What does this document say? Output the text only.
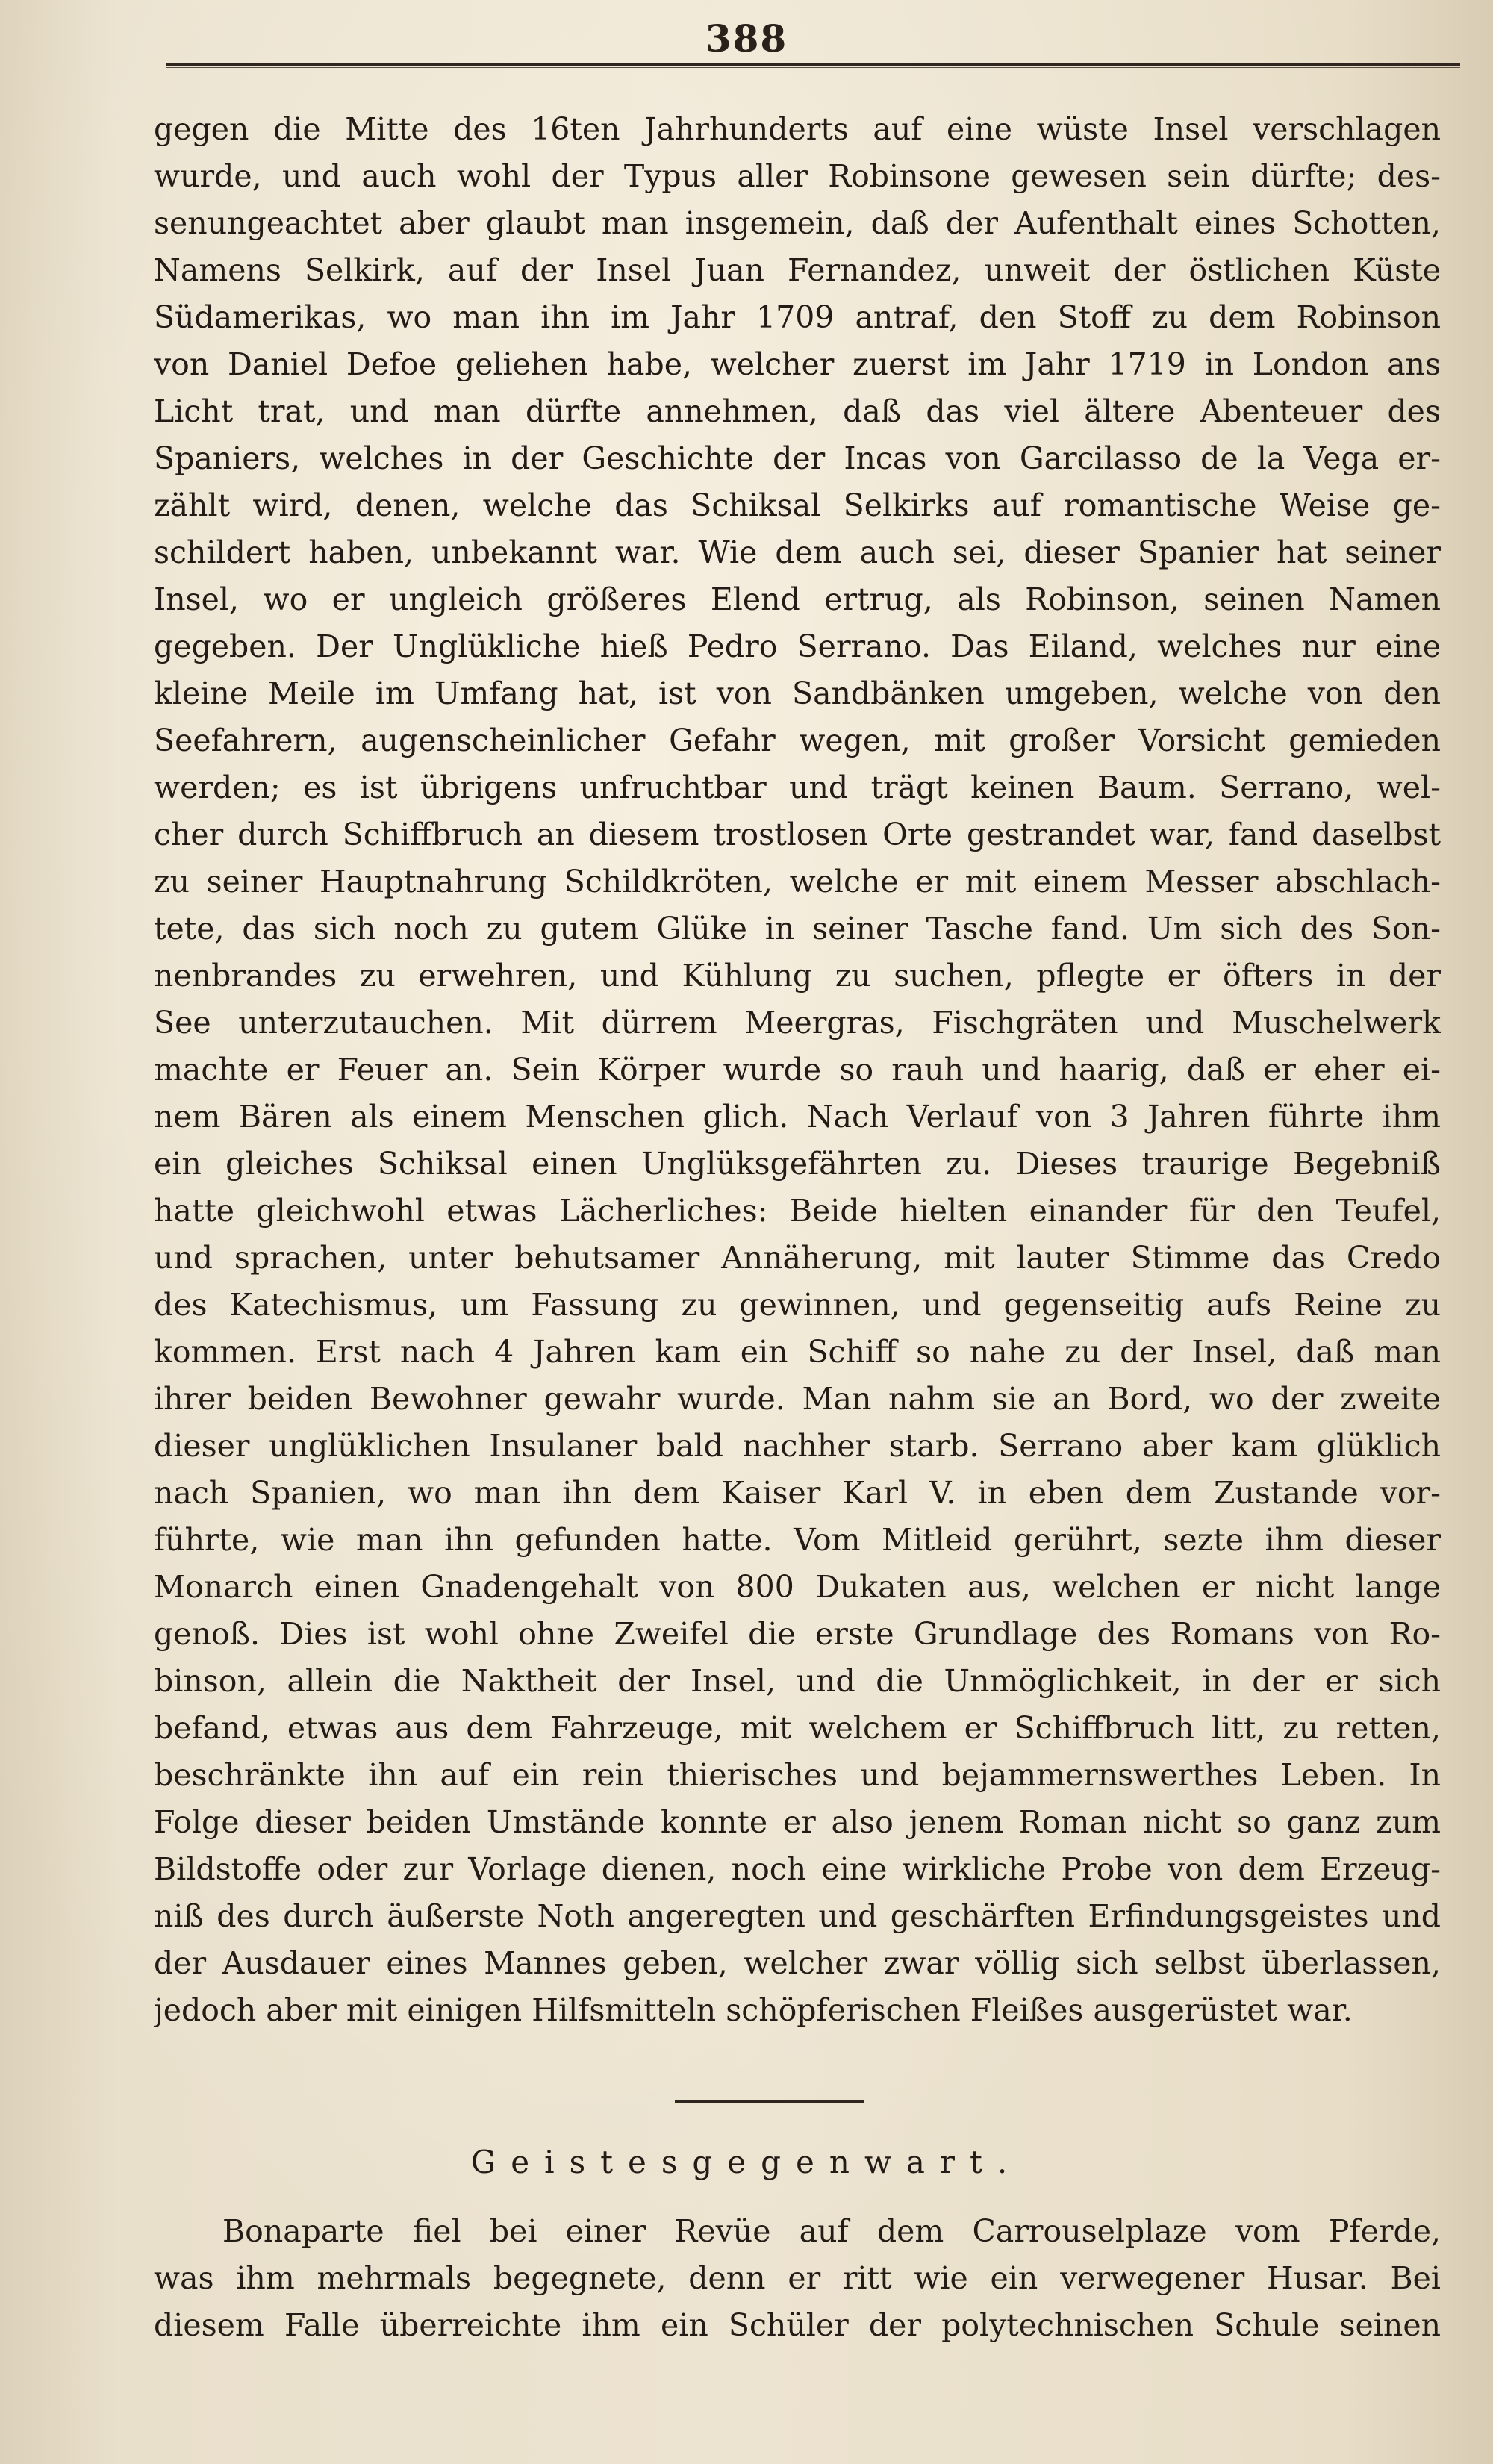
388
gegen die Mitte des 16ten Jahrhunderts auf eine wüste Insel verschlagen
wurde, und auch wohl der Typus aller Robinsone gewesen sein dürfte; des-
senungeachtet aber glaubt man insgemein, daß der Aufenthalt eines Schotten,
Namens Selkirk, auf der Insel Juan Fernandez, unweit der östlichen Küste
Südamerikas, wo man ihn im Jahr 1709 antraf, den Stoff zu dem Robinson
von Daniel Defoe geliehen habe, welcher zuerst im Jahr 1719 in London ans
Licht trat, und man dürfte annehmen, daß das viel ältere Abenteuer des
Spaniers, welches in der Geschichte der Incas von Garcilasso de la Vega er-
zählt wird, denen, welche das Schiksal Selkirks auf romantische Weise ge-
schildert haben, unbekannt war. Wie dem auch sei, dieser Spanier hat seiner
Insel, wo er ungleich größeres Elend ertrug, als Robinson, seinen Namen
gegeben. Der Unglükliche hieß Pedro Serrano. Das Eiland, welches nur eine
kleine Meile im Umfang hat, ist von Sandbänken umgeben, welche von den
Seefahrern, augenscheinlicher Gefahr wegen, mit großer Vorsicht gemieden
werden; es ist übrigens unfruchtbar und trägt keinen Baum. Serrano, wel-
cher durch Schiffbruch an diesem trostlosen Orte gestrandet war, fand daselbst
zu seiner Hauptnahrung Schildkröten, welche er mit einem Messer abschlach-
tete, das sich noch zu gutem Glüke in seiner Tasche fand. Um sich des Son-
nenbrandes zu erwehren, und Kühlung zu suchen, pflegte er öfters in der
See unterzutauchen. Mit dürrem Meergras, Fischgräten und Muschelwerk
machte er Feuer an. Sein Körper wurde so rauh und haarig, daß er eher ei-
nem Bären als einem Menschen glich. Nach Verlauf von 3 Jahren führte ihm
ein gleiches Schiksal einen Unglüksgefährten zu. Dieses traurige Begebniß
hatte gleichwohl etwas Lächerliches: Beide hielten einander für den Teufel,
und sprachen, unter behutsamer Annäherung, mit lauter Stimme das Credo
des Katechismus, um Fassung zu gewinnen, und gegenseitig aufs Reine zu
kommen. Erst nach 4 Jahren kam ein Schiff so nahe zu der Insel, daß man
ihrer beiden Bewohner gewahr wurde. Man nahm sie an Bord, wo der zweite
dieser unglüklichen Insulaner bald nachher starb. Serrano aber kam glüklich
nach Spanien, wo man ihn dem Kaiser Karl V. in eben dem Zustande vor-
führte, wie man ihn gefunden hatte. Vom Mitleid gerührt, sezte ihm dieser
Monarch einen Gnadengehalt von 800 Dukaten aus, welchen er nicht lange
genoß. Dies ist wohl ohne Zweifel die erste Grundlage des Romans von Ro-
binson, allein die Naktheit der Insel, und die Unmöglichkeit, in der er sich
befand, etwas aus dem Fahrzeuge, mit welchem er Schiffbruch litt, zu retten,
beschränkte ihn auf ein rein thierisches und bejammernswerthes Leben. In
Folge dieser beiden Umstände konnte er also jenem Roman nicht so ganz zum
Bildstoffe oder zur Vorlage dienen, noch eine wirkliche Probe von dem Erzeug-
niß des durch äußerste Noth angeregten und geschärften Erfindungsgeistes und
der Ausdauer eines Mannes geben, welcher zwar völlig sich selbst überlassen,
jedoch aber mit einigen Hilfsmitteln schöpferischen Fleißes ausgerüstet war.
Geistesgegenwart.
Bonaparte fiel bei einer Revüe auf dem Carrouselplaze vom Pferde,
was ihm mehrmals begegnete, denn er ritt wie ein verwegener Husar. Bei
diesem Falle überreichte ihm ein Schüler der polytechnischen Schule seinen
